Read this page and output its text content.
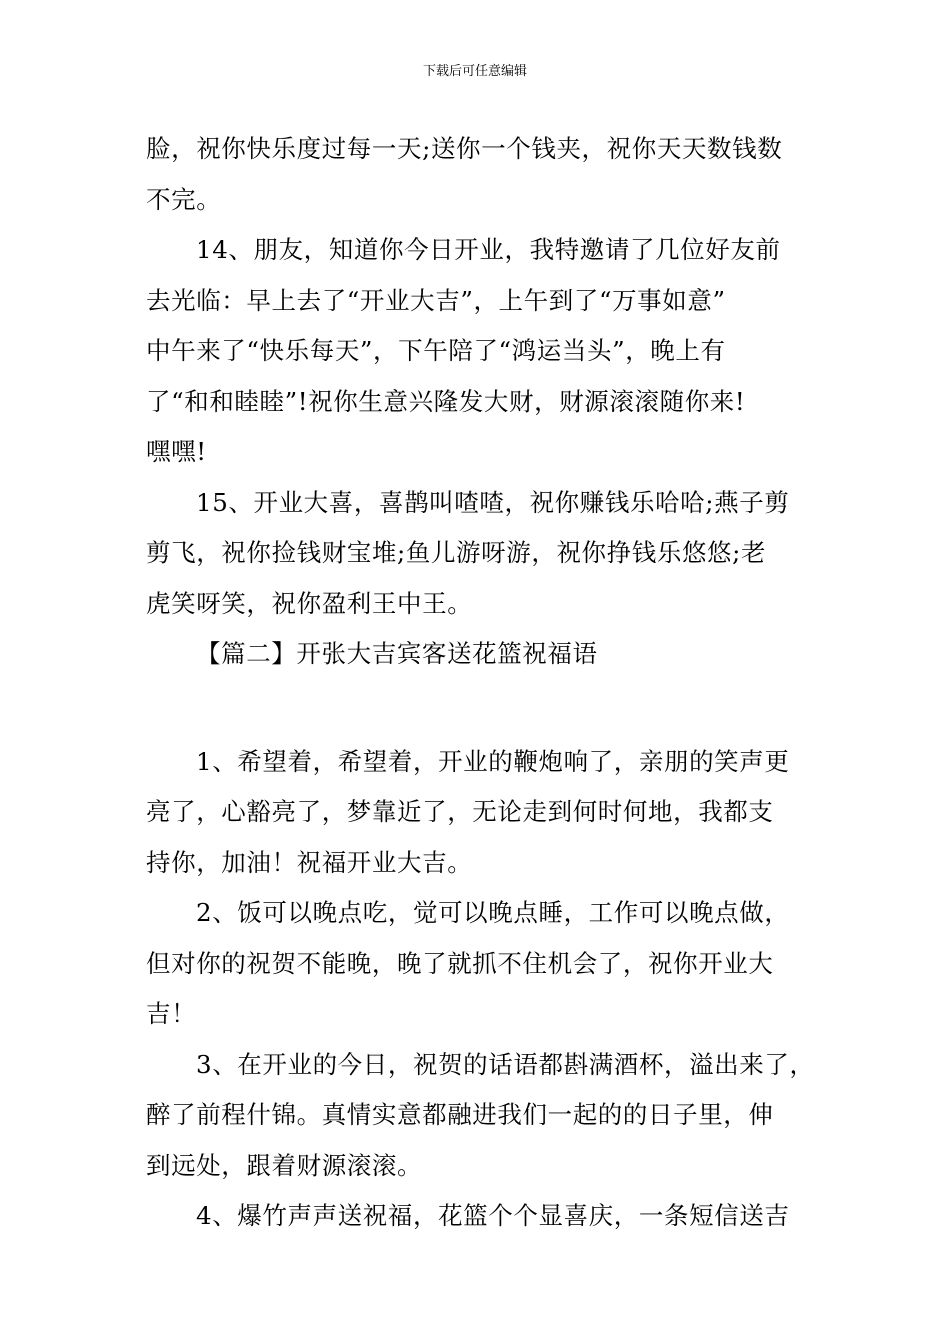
下载后可任意编辑
脸，祝你快乐度过每一天;送你一个钱夹，祝你天天数钱数
不完。
14、朋友，知道你今日开业，我特邀请了几位好友前
去光临：早上去了“开业大吉”，上午到了“万事如意”
中午来了“快乐每天”，下午陪了“鸿运当头”，晚上有
了“和和睦睦”!祝你生意兴隆发大财，财源滚滚随你来!
嘿嘿!
15、开业大喜，喜鹊叫喳喳，祝你赚钱乐哈哈;燕子剪
剪飞，祝你捡钱财宝堆;鱼儿游呀游，祝你挣钱乐悠悠;老
虎笑呀笑，祝你盈利王中王。
【篇二】开张大吉宾客送花篮祝福语
1、希望着，希望着，开业的鞭炮响了，亲朋的笑声更
亮了，心豁亮了，梦靠近了，无论走到何时何地，我都支
持你，加油！祝福开业大吉。
2、饭可以晚点吃，觉可以晚点睡，工作可以晚点做，
但对你的祝贺不能晚，晚了就抓不住机会了，祝你开业大
吉！
3、在开业的今日，祝贺的话语都斟满酒杯，溢出来了，
醉了前程什锦。真情实意都融进我们一起的的日子里，伸
到远处，跟着财源滚滚。
4、爆竹声声送祝福，花篮个个显喜庆，一条短信送吉
